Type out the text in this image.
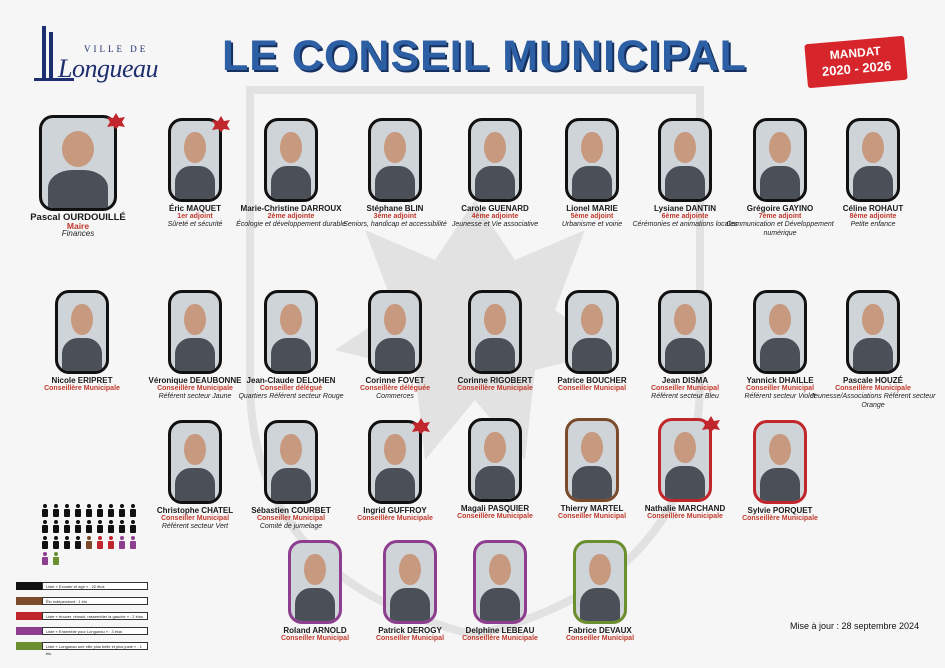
VILLE DE
Longueau LE CONSEIL MUNICIPAL	MANDAT
2020 - 2026
Pascal OURDOUILLÉ
Maire
Finances
Éric MAQUET
1er adjoint
Sûreté et sécurité
Marie-Christine DARROUX
2ème adjointe
Écologie et développement durable
Stéphane BLIN
3ème adjoint
Seniors, handicap et accessibilité
Carole GUENARD
4ème adjointe
Jeunesse et Vie associative
Lionel MARIE
5ème adjoint
Urbanisme et voirie
Lysiane DANTIN
6ème adjointe
Cérémonies et animations locales
Grégoire GAYINO
7ème adjoint
Communication et Développement numérique
Céline ROHAUT
8ème adjointe
Petite enfance
Nicole ERIPRET
Conseillère Municipale
Véronique DEAUBONNE
Conseillère Municipale
Référent secteur Jaune
Jean-Claude DELOHEN
Conseiller délégué
Quartiers Référent secteur Rouge
Corinne FOVET
Conseillère déléguée
Commerces
Corinne RIGOBERT
Conseillère Municipale
Patrice BOUCHER
Conseiller Municipal
Jean DISMA
Conseiller Municipal
Référent secteur Bleu
Yannick DHAILLE
Conseiller Municipal
Référent secteur Violet
Pascale HOUZÉ
Conseillère Municipale
Jeunesse/Associations Référent secteur Orange
Christophe CHATEL
Conseiller Municipal
Référent secteur Vert
Sébastien COURBET
Conseiller Municipal
Comité de jumelage
Ingrid GUFFROY
Conseillère Municipale
Magali PASQUIER
Conseillère Municipale
Thierry MARTEL
Conseiller Municipal
Nathalie MARCHAND
Conseillère Municipale
Sylvie PORQUET
Conseillère Municipale
Roland ARNOLD
Conseiller Municipal
Patrick DEROGY
Conseiller Municipal
Delphine LEBEAU
Conseillère Municipale
Fabrice DEVAUX
Conseiller Municipal
Liste « Ecouter et agir » : 22 élus
Élu indépendant : 1 élu
Liste « trouver, réussir, rassembler la gauche » : 2 élus
Liste « Ensemble pour Longueau » : 3 élus
Liste « Longueau une ville plus belle et plus juste » : 1 élu
Mise à jour : 28 septembre 2024
